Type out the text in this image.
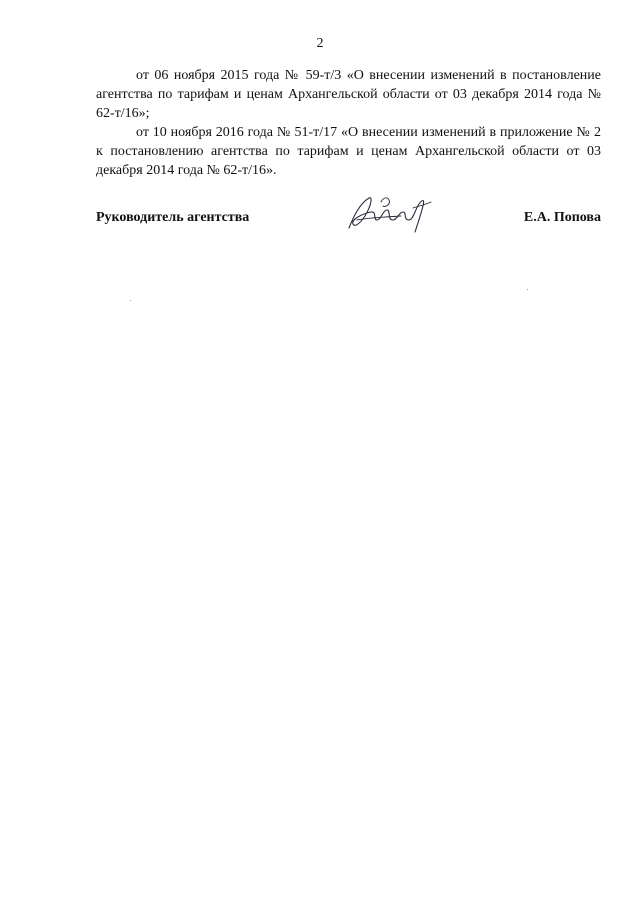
2

от 06 ноября 2015 года № 59-т/3 «О внесении изменений в постановление агентства по тарифам и ценам Архангельской области от 03 декабря 2014 года № 62-т/16»;

от 10 ноября 2016 года № 51-т/17 «О внесении изменений в приложение № 2 к постановлению агентства по тарифам и ценам Архангельской области от 03 декабря 2014 года № 62-т/16».

Руководитель агентства	Е.А. Попова
